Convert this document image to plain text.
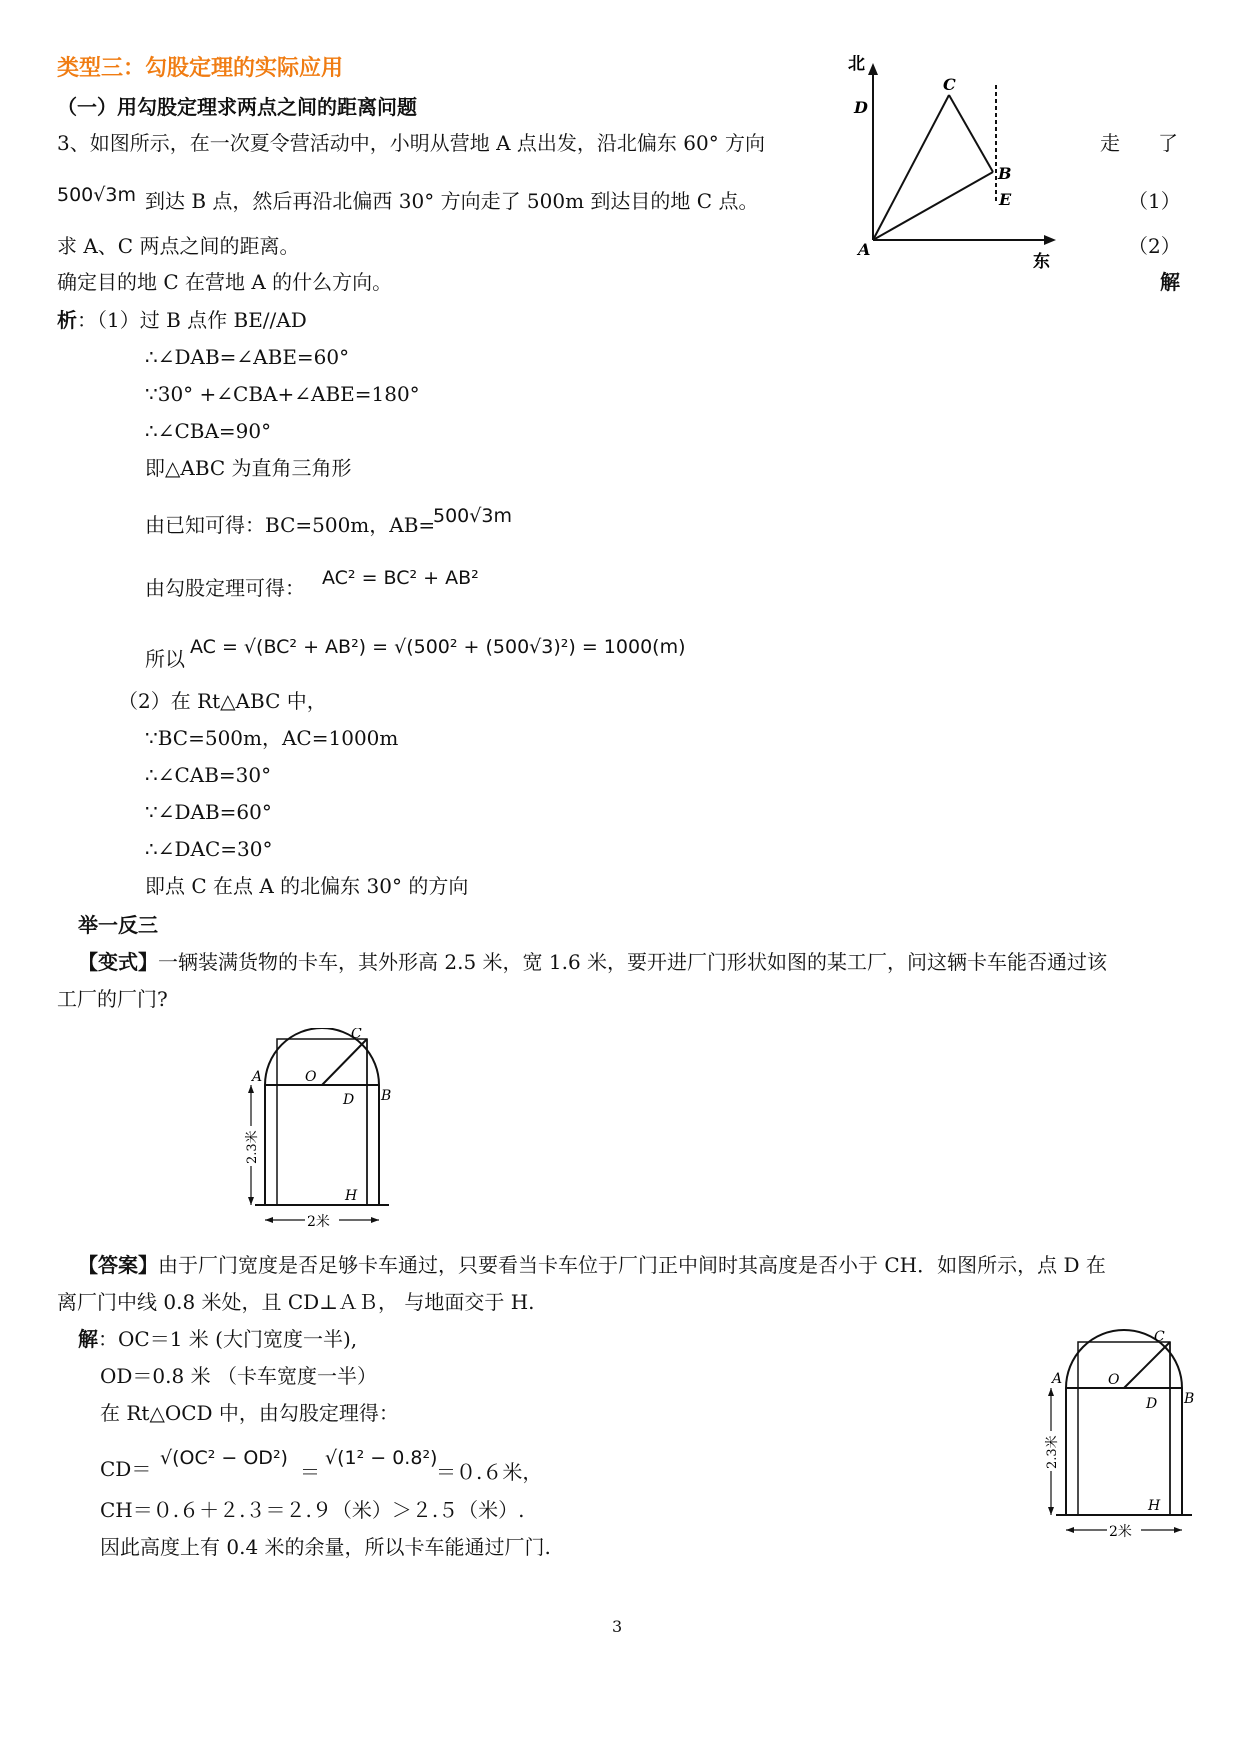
类型三：勾股定理的实际应用
（一）用勾股定理求两点之间的距离问题
3、如图所示，在一次夏令营活动中，小明从营地 A 点出发，沿北偏东 60° 方向	走 了
500√3m 到达 B 点，然后再沿北偏西 30° 方向走了 500m 到达目的地 C 点。	（1）
求 A、C 两点之间的距离。	（2）
确定目的地 C 在营地 A 的什么方向。	解
北
东
D
C
B
E
A
析：（1）过 B 点作 BE//AD
∴∠DAB=∠ABE=60°
∵30° +∠CBA+∠ABE=180°
∴∠CBA=90°
即△ABC 为直角三角形
由已知可得：BC=500m，AB=
500√3m
由勾股定理可得： AC² = BC² + AB²
所以 AC = √(BC² + AB²) = √(500² + (500√3)²) = 1000(m)
（2）在 Rt△ABC 中，
∵BC=500m，AC=1000m
∴∠CAB=30°
∵∠DAB=60°
∴∠DAC=30°
即点 C 在点 A 的北偏东 30° 的方向
举一反三
【变式】一辆装满货物的卡车，其外形高 2.5 米，宽 1.6 米，要开进厂门形状如图的某工厂，问这辆卡车能否通过该
工厂的厂门?
2米
2.3米
A
B
C
D
O
H
【答案】由于厂门宽度是否足够卡车通过，只要看当卡车位于厂门正中间时其高度是否小于 CH．如图所示，点 D 在
离厂门中线 0.8 米处，且 CD⊥ＡＢ， 与地面交于 H.
解：OC＝1 米 (大门宽度一半),
OD＝0.8 米 （卡车宽度一半）
在 Rt△OCD 中，由勾股定理得：
CD＝ √(OC² − OD²)
＝
√(1² − 0.8²)
＝０.６米，
CH＝０.６＋２.３＝２.９（米）＞２.５（米）.
因此高度上有 0.4 米的余量，所以卡车能通过厂门.
2米
2.3米
A
B
C
D
O
H
3
